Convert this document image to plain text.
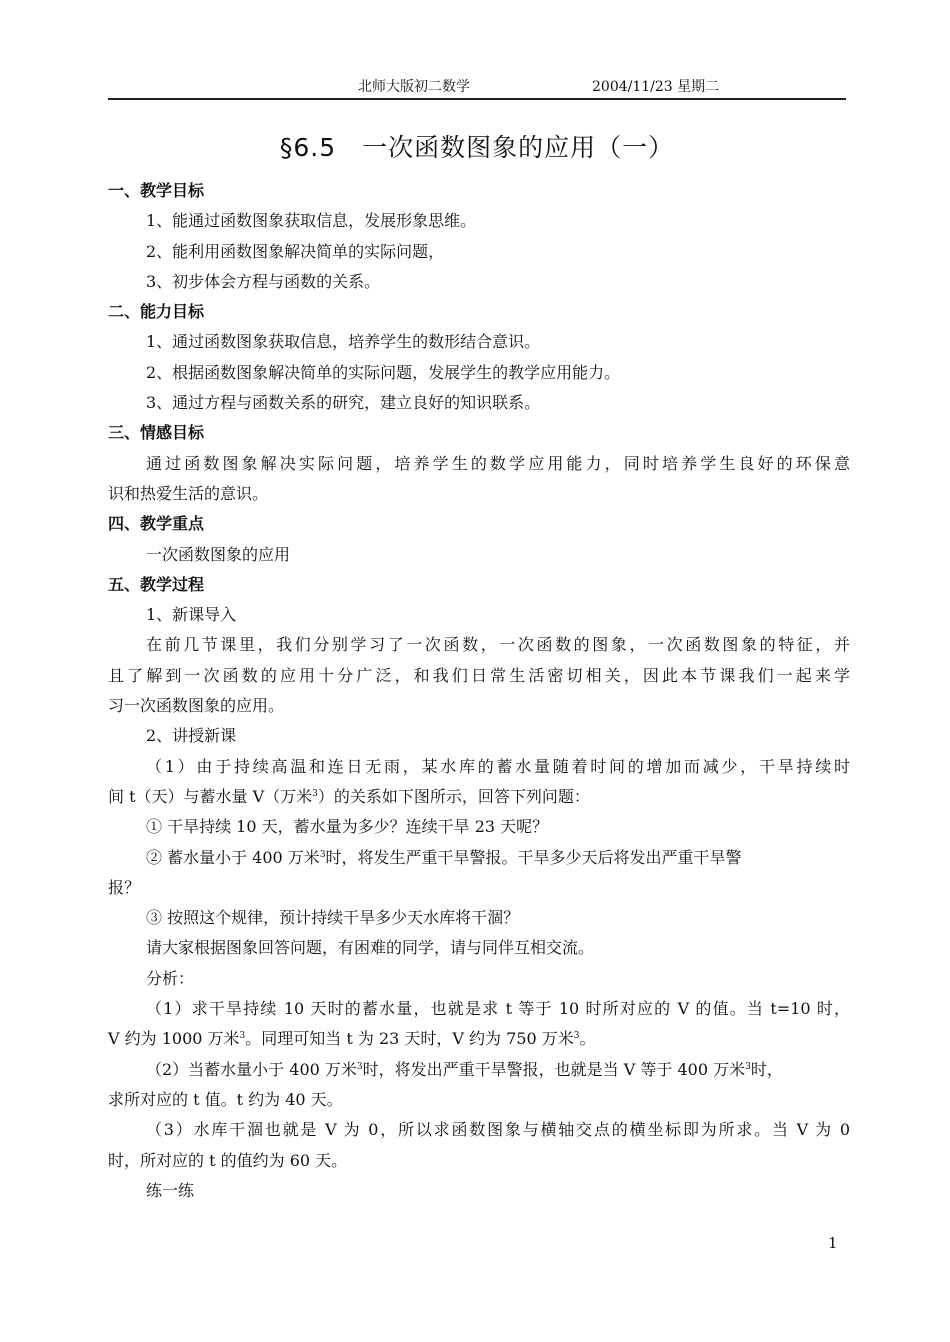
北师大版初二数学	2004/11/23 星期二
§6.5　一次函数图象的应用（一）
一、教学目标
1、能通过函数图象获取信息，发展形象思维。
2、能利用函数图象解决简单的实际问题，
3、初步体会方程与函数的关系。
二、能力目标
1、通过函数图象获取信息，培养学生的数形结合意识。
2、根据函数图象解决简单的实际问题，发展学生的教学应用能力。
3、通过方程与函数关系的研究，建立良好的知识联系。
三、情感目标
通过函数图象解决实际问题，培养学生的数学应用能力，同时培养学生良好的环保意
识和热爱生活的意识。
四、教学重点
一次函数图象的应用
五、教学过程
1、新课导入
在前几节课里，我们分别学习了一次函数，一次函数的图象，一次函数图象的特征，并
且了解到一次函数的应用十分广泛，和我们日常生活密切相关，因此本节课我们一起来学
习一次函数图象的应用。
2、讲授新课
（1）由于持续高温和连日无雨，某水库的蓄水量随着时间的增加而减少，干旱持续时
间 t（天）与蓄水量 V（万米$^3$）的关系如下图所示，回答下列问题：
① 干旱持续 10 天，蓄水量为多少？连续干旱 23 天呢？
② 蓄水量小于 400 万米$^3$时，将发生严重干旱警报。干旱多少天后将发出严重干旱警
报？
③ 按照这个规律，预计持续干旱多少天水库将干涸？
请大家根据图象回答问题，有困难的同学，请与同伴互相交流。
分析：
（1）求干旱持续 10 天时的蓄水量，也就是求 t 等于 10 时所对应的 V 的值。当 t=10 时，
V 约为 1000 万米$^3$。同理可知当 t 为 23 天时，V 约为 750 万米$^3$。
（2）当蓄水量小于 400 万米$^3$时，将发出严重干旱警报，也就是当 V 等于 400 万米$^3$时，
求所对应的 t 值。t 约为 40 天。
（3）水库干涸也就是 V 为 0，所以求函数图象与横轴交点的横坐标即为所求。当 V 为 0
时，所对应的 t 的值约为 60 天。
练一练
1
